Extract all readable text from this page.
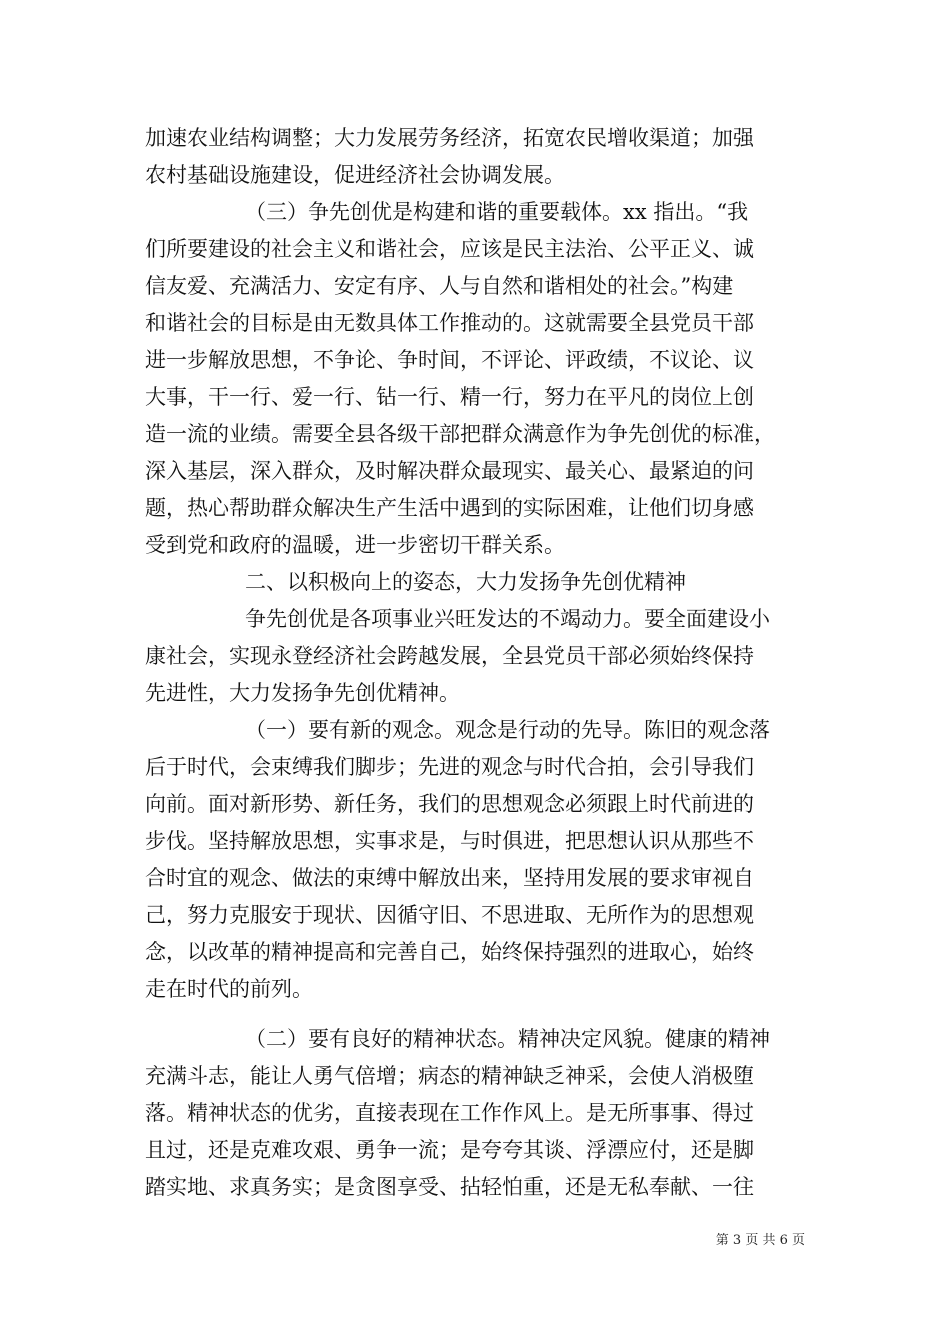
加速农业结构调整；大力发展劳务经济，拓宽农民增收渠道；加强
农村基础设施建设，促进经济社会协调发展。
（三）争先创优是构建和谐的重要载体。xx 指出。“我
们所要建设的社会主义和谐社会，应该是民主法治、公平正义、诚
信友爱、充满活力、安定有序、人与自然和谐相处的社会。”构建
和谐社会的目标是由无数具体工作推动的。这就需要全县党员干部
进一步解放思想，不争论、争时间，不评论、评政绩，不议论、议
大事，干一行、爱一行、钻一行、精一行，努力在平凡的岗位上创
造一流的业绩。需要全县各级干部把群众满意作为争先创优的标准，
深入基层，深入群众，及时解决群众最现实、最关心、最紧迫的问
题，热心帮助群众解决生产生活中遇到的实际困难，让他们切身感
受到党和政府的温暖，进一步密切干群关系。
二、以积极向上的姿态，大力发扬争先创优精神
争先创优是各项事业兴旺发达的不竭动力。要全面建设小
康社会，实现永登经济社会跨越发展，全县党员干部必须始终保持
先进性，大力发扬争先创优精神。
（一）要有新的观念。观念是行动的先导。陈旧的观念落
后于时代，会束缚我们脚步；先进的观念与时代合拍，会引导我们
向前。面对新形势、新任务，我们的思想观念必须跟上时代前进的
步伐。坚持解放思想，实事求是，与时俱进，把思想认识从那些不
合时宜的观念、做法的束缚中解放出来，坚持用发展的要求审视自
己，努力克服安于现状、因循守旧、不思进取、无所作为的思想观
念，以改革的精神提高和完善自己，始终保持强烈的进取心，始终
走在时代的前列。
（二）要有良好的精神状态。精神决定风貌。健康的精神
充满斗志，能让人勇气倍增；病态的精神缺乏神采，会使人消极堕
落。精神状态的优劣，直接表现在工作作风上。是无所事事、得过
且过，还是克难攻艰、勇争一流；是夸夸其谈、浮漂应付，还是脚
踏实地、求真务实；是贪图享受、拈轻怕重，还是无私奉献、一往
第 3 页 共 6 页
